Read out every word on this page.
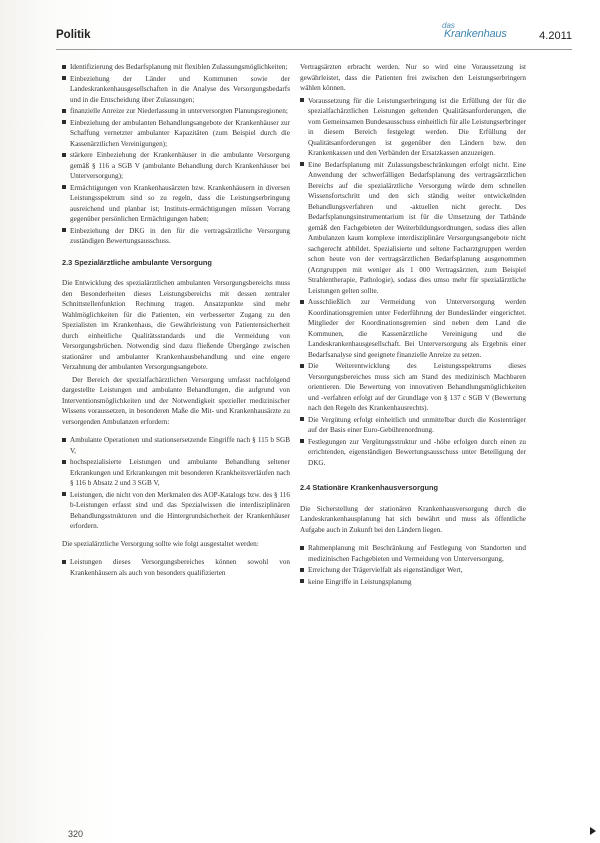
Politik
das
Krankenhaus	4.2011
Identifizierung des Bedarfsplanung mit flexiblen Zulassungsmöglichkeiten;
Einbeziehung der Länder und Kommunen sowie der Landeskrankenhausgesellschaften in die Analyse des Versorgungsbedarfs und in die Entscheidung über Zulassungen;
finanzielle Anreize zur Niederlassung in unterversorgten Planungsregionen;
Einbeziehung der ambulanten Behandlungsangebote der Krankenhäuser zur Schaffung vernetzter ambulanter Kapazitäten (zum Beispiel durch die Kassenärztlichen Vereinigungen);
stärkere Einbeziehung der Krankenhäuser in die ambulante Versorgung gemäß § 116 a SGB V (ambulante Behandlung durch Krankenhäuser bei Unterversorgung);
Ermächtigungen von Krankenhausärzten bzw. Krankenhäusern in diversen Leistungsspektrum sind so zu regeln, dass die Leistungserbringung ausreichend und planbar ist; Instituts-ermächtigungen müssen Vorrang gegenüber persönlichen Ermächtigungen haben;
Einbeziehung der DKG in den für die vertragsärztliche Versorgung zuständigen Bewertungsausschuss.
2.3 Spezialärztliche ambulante Versorgung

Die Entwicklung des spezialärztlichen ambulanten Versorgungsbereichs muss den Besonderheiten dieses Leistungsbereichs mit dessen zentraler Schnittstellenfunktion Rechnung tragen. Ansatzpunkte sind mehr Wahlmöglichkeiten für die Patienten, ein verbesserter Zugang zu den Spezialisten im Krankenhaus, die Gewährleistung von Patientensicherheit durch einheitliche Qualitätsstandards und die Vermeidung von Versorgungsbrüchen. Notwendig sind dazu fließende Übergänge zwischen stationärer und ambulanter Krankenhausbehandlung und eine engere Verzahnung der ambulanten Versorgungsangebote.

Der Bereich der spezialfachärztlichen Versorgung umfasst nachfolgend dargestellte Leistungen und ambulante Behandlungen, die aufgrund von Interventionsmöglichkeiten und der Notwendigkeit spezieller medizinischer Wissens voraussetzen, in besonderen Maße die Mit- und Krankenhausärzte zu versorgenden Ambulanzen erfordern:

Ambulante Operationen und stationsersetzende Eingriffe nach § 115 b SGB V,
hochspezialisierte Leistungen und ambulante Behandlung seltener Erkrankungen und Erkrankungen mit besonderen Krankheitsverläufen nach § 116 b Absatz 2 und 3 SGB V,
Leistungen, die nicht von den Merkmalen des AOP-Katalogs bzw. des § 116 b-Leistungen erfasst sind und das Spezialwissen die interdisziplinären Behandlungsstrukturen und die Hintergrundsicherheit der Krankenhäuser erfordern.

Die spezialärztliche Versorgung sollte wie folgt ausgestaltet werden:

Leistungen dieses Versorgungsbereiches können sowohl von Krankenhäusern als auch von besonders qualifizierten

Vertragsärzten erbracht werden. Nur so wird eine Voraussetzung ist gewährleistet, dass die Patienten frei zwischen den Leistungserbringern wählen können.

Voraussetzung für die Leistungserbringung ist die Erfüllung der für die spezialfachärztlichen Leistungen geltenden Qualitätsanforderungen, die vom Gemeinsamen Bundesausschuss einheitlich für alle Leistungserbringer in diesem Bereich festgelegt werden. Die Erfüllung der Qualitätsanforderungen ist gegenüber den Ländern bzw. den Krankenkassen und den Verbänden der Ersatzkassen anzuzeigen.
Eine Bedarfsplanung mit Zulassungsbeschränkungen erfolgt nicht. Eine Anwendung der schwerfälligen Bedarfsplanung des vertragsärztlichen Bereichs auf die spezialärztliche Versorgung würde dem schnellen Wissensfortschritt und den sich ständig weiter entwickelnden Behandlungsverfahren und -aktuellen nicht gerecht. Des Bedarfsplanungsinstrumentarium ist für die Umsetzung der Tatbände gemäß den Fachgebieten der Weiterbildungsordnungen, sodass dies allen Ambulanzen kaum komplexe interdisziplinäre Versorgungsangebote nicht sachgerecht abbildet. Spezialisierte und seltene Facharztgruppen werden schon heute von der vertragsärztlichen Bedarfsplanung ausgenommen (Arztgruppen mit weniger als 1 000 Vertragsärzten, zum Beispiel Strahlentherapie, Pathologie), sodass dies umso mehr für spezialärztliche Leistungen gelten sollte.
Ausschließlich zur Vermeidung von Unterversorgung werden Koordinationsgremien unter Federführung der Bundesländer eingerichtet. Mitglieder der Koordinationsgremien sind neben dem Land die Kommunen, die Kassenärztliche Vereinigung und die Landeskrankenhausgesellschaft. Bei Unterversorgung als Ergebnis einer Bedarfsanalyse sind geeignete finanzielle Anreize zu setzen.
Die Weiterentwicklung des Leistungsspektrums dieses Versorgungsbereiches muss sich am Stand des medizinisch Machbaren orientieren. Die Bewertung von innovativen Behandlungsmöglichkeiten und -verfahren erfolgt auf der Grundlage von § 137 c SGB V (Bewertung nach den Regeln des Krankenhausrechts).
Die Vergütung erfolgt einheitlich und unmittelbar durch die Kostenträger auf der Basis einer Euro-Gebührenordnung.
Festlegungen zur Vergütungsstruktur und -höhe erfolgen durch einen zu errichtenden, eigenständigen Bewertungsausschuss unter Beteiligung der DKG.
2.4 Stationäre Krankenhausversorgung

Die Sicherstellung der stationären Krankenhausversorgung durch die Landeskrankenhausplanung hat sich bewährt und muss als öffentliche Aufgabe auch in Zukunft bei den Ländern liegen.

Rahmenplanung mit Beschränkung auf Festlegung von Standorten und medizinischen Fachgebieten und Vermeidung von Unterversorgung,
Erreichung der Trägervielfalt als eigenständiger Wert,
keine Eingriffe in Leistungsplanung
320
